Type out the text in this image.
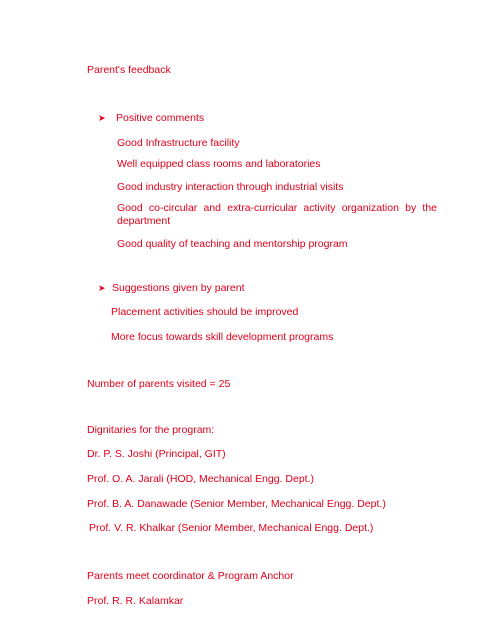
Parent's feedback
➤ Positive comments
Good Infrastructure facility
Well equipped class rooms and laboratories
Good industry interaction through industrial visits
Good co-circular and extra-curricular activity organization by the department
Good quality of teaching and mentorship program
➤ Suggestions given by parent
Placement activities should be improved
More focus towards skill development programs
Number of parents visited = 25
Dignitaries for the program:
Dr. P. S. Joshi (Principal, GIT)
Prof. O. A. Jarali (HOD, Mechanical Engg. Dept.)
Prof. B. A. Danawade (Senior Member, Mechanical Engg. Dept.)
Prof. V. R. Khalkar (Senior Member, Mechanical Engg. Dept.)
Parents meet coordinator & Program Anchor
Prof. R. R. Kalamkar
